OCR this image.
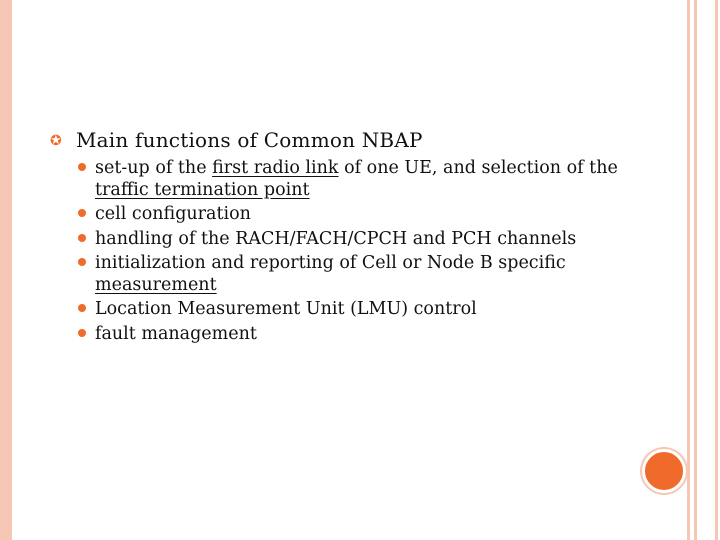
✪ Main functions of Common NBAP
set-up of the first radio link of one UE, and selection of the traffic termination point
cell configuration
handling of the RACH/FACH/CPCH and PCH channels
initialization and reporting of Cell or Node B specific measurement
Location Measurement Unit (LMU) control
fault management
